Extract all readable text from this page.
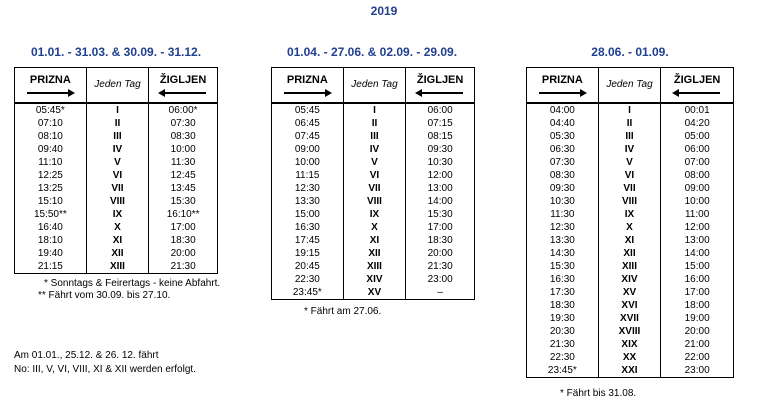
2019
01.01. - 31.03. & 30.09. - 31.12.
PRIZNA	Jeden Tag	ŽIGLJEN

05:45*	I	06:00*
07:10	II	07:30
08:10	III	08:30
09:40	IV	10:00
11:10	V	11:30
12:25	VI	12:45
13:25	VII	13:45
15:10	VIII	15:30
15:50**	IX	16:10**
16:40	X	17:00
18:10	XI	18:30
19:40	XII	20:00
21:15	XIII	21:30
* Sonntags & Feirertags - keine Abfahrt.
** Fährt vom 30.09. bis 27.10.
01.04. - 27.06. & 02.09. - 29.09.
PRIZNA	Jeden Tag	ŽIGLJEN

05:45	I	06:00
06:45	II	07:15
07:45	III	08:15
09:00	IV	09:30
10:00	V	10:30
11:15	VI	12:00
12:30	VII	13:00
13:30	VIII	14:00
15:00	IX	15:30
16:30	X	17:00
17:45	XI	18:30
19:15	XII	20:00
20:45	XIII	21:30
22:30	XIV	23:00
23:45*	XV	–
* Fährt am 27.06.
28.06. - 01.09.
PRIZNA	Jeden Tag	ŽIGLJEN

04:00	I	00:01
04:40	II	04:20
05:30	III	05:00
06:30	IV	06:00
07:30	V	07:00
08:30	VI	08:00
09:30	VII	09:00
10:30	VIII	10:00
11:30	IX	11:00
12:30	X	12:00
13:30	XI	13:00
14:30	XII	14:00
15:30	XIII	15:00
16:30	XIV	16:00
17:30	XV	17:00
18:30	XVI	18:00
19:30	XVII	19:00
20:30	XVIII	20:00
21:30	XIX	21:00
22:30	XX	22:00
23:45*	XXI	23:00
* Fährt bis 31.08.
Am 01.01., 25.12. & 26. 12. fährt
No: III, V, VI, VIII, XI & XII werden erfolgt.
